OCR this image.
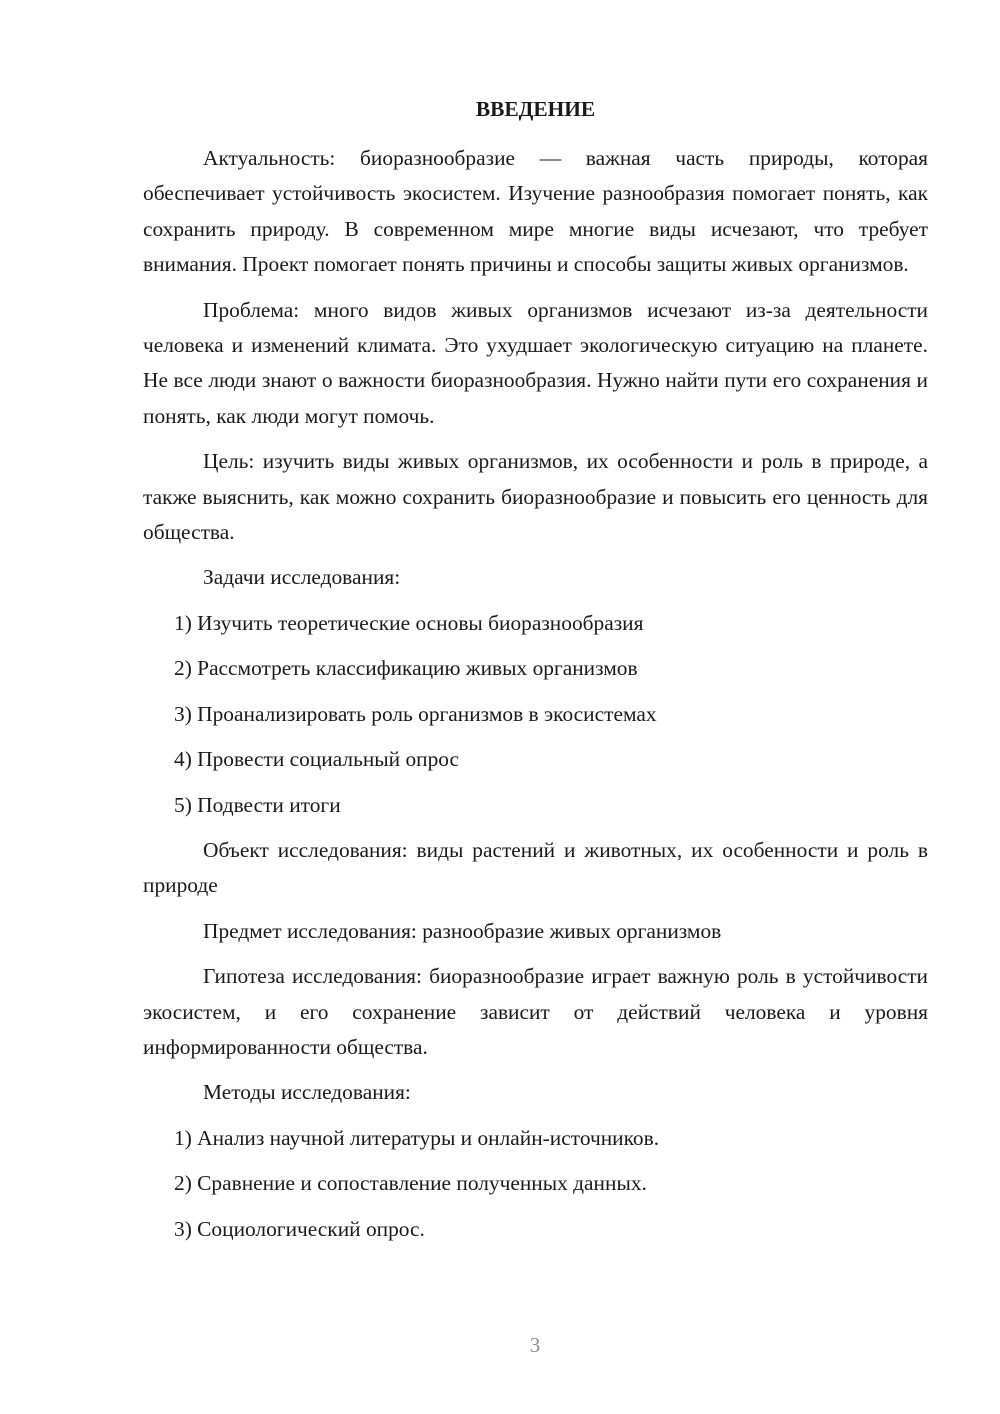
ВВЕДЕНИЕ

Актуальность: биоразнообразие — важная часть природы, которая обеспечивает устойчивость экосистем. Изучение разнообразия помогает понять, как сохранить природу. В современном мире многие виды исчезают, что требует внимания. Проект помогает понять причины и способы защиты живых организмов.

Проблема: много видов живых организмов исчезают из-за деятельности человека и изменений климата. Это ухудшает экологическую ситуацию на планете. Не все люди знают о важности биоразнообразия. Нужно найти пути его сохранения и понять, как люди могут помочь.

Цель: изучить виды живых организмов, их особенности и роль в природе, а также выяснить, как можно сохранить биоразнообразие и повысить его ценность для общества.

Задачи исследования:

1) Изучить теоретические основы биоразнообразия

2) Рассмотреть классификацию живых организмов

3) Проанализировать роль организмов в экосистемах

4) Провести социальный опрос

5) Подвести итоги

Объект исследования: виды растений и животных, их особенности и роль в природе

Предмет исследования: разнообразие живых организмов

Гипотеза исследования: биоразнообразие играет важную роль в устойчивости экосистем, и его сохранение зависит от действий человека и уровня информированности общества.

Методы исследования:

1) Анализ научной литературы и онлайн-источников.

2) Сравнение и сопоставление полученных данных.

3) Социологический опрос.

3
